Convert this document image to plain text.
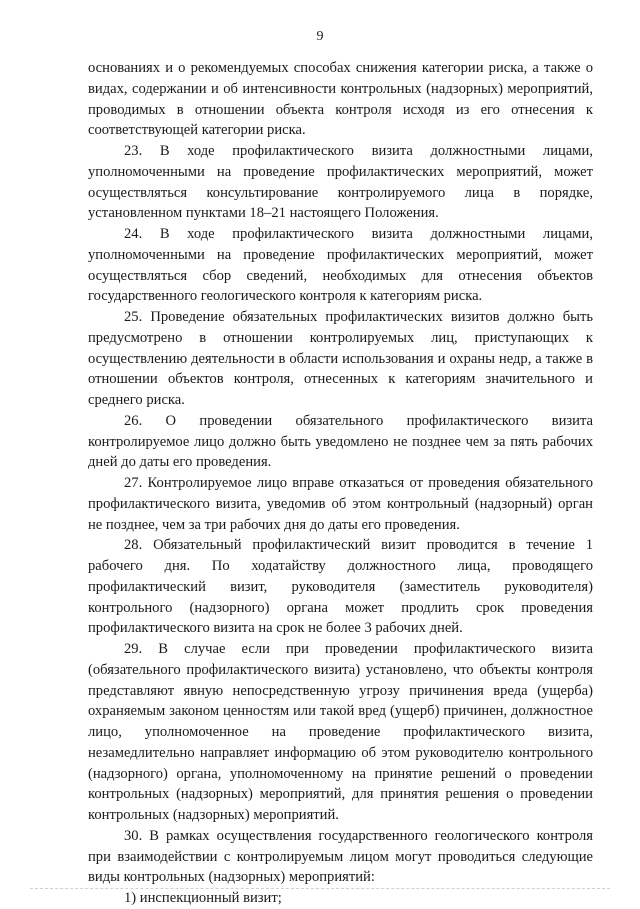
9

основаниях и о рекомендуемых способах снижения категории риска, а также о видах, содержании и об интенсивности контрольных (надзорных) мероприятий, проводимых в отношении объекта контроля исходя из его отнесения к соответствующей категории риска.

23. В ходе профилактического визита должностными лицами, уполномоченными на проведение профилактических мероприятий, может осуществляться консультирование контролируемого лица в порядке, установленном пунктами 18–21 настоящего Положения.

24. В ходе профилактического визита должностными лицами, уполномоченными на проведение профилактических мероприятий, может осуществляться сбор сведений, необходимых для отнесения объектов государственного геологического контроля к категориям риска.

25. Проведение обязательных профилактических визитов должно быть предусмотрено в отношении контролируемых лиц, приступающих к осуществлению деятельности в области использования и охраны недр, а также в отношении объектов контроля, отнесенных к категориям значительного и среднего риска.

26. О проведении обязательного профилактического визита контролируемое лицо должно быть уведомлено не позднее чем за пять рабочих дней до даты его проведения.

27. Контролируемое лицо вправе отказаться от проведения обязательного профилактического визита, уведомив об этом контрольный (надзорный) орган не позднее, чем за три рабочих дня до даты его проведения.

28. Обязательный профилактический визит проводится в течение 1 рабочего дня. По ходатайству должностного лица, проводящего профилактический визит, руководителя (заместитель руководителя) контрольного (надзорного) органа может продлить срок проведения профилактического визита на срок не более 3 рабочих дней.

29. В случае если при проведении профилактического визита (обязательного профилактического визита) установлено, что объекты контроля представляют явную непосредственную угрозу причинения вреда (ущерба) охраняемым законом ценностям или такой вред (ущерб) причинен, должностное лицо, уполномоченное на проведение профилактического визита, незамедлительно направляет информацию об этом руководителю контрольного (надзорного) органа, уполномоченному на принятие решений о проведении контрольных (надзорных) мероприятий, для принятия решения о проведении контрольных (надзорных) мероприятий.

30. В рамках осуществления государственного геологического контроля при взаимодействии с контролируемым лицом могут проводиться следующие виды контрольных (надзорных) мероприятий:

1) инспекционный визит;
